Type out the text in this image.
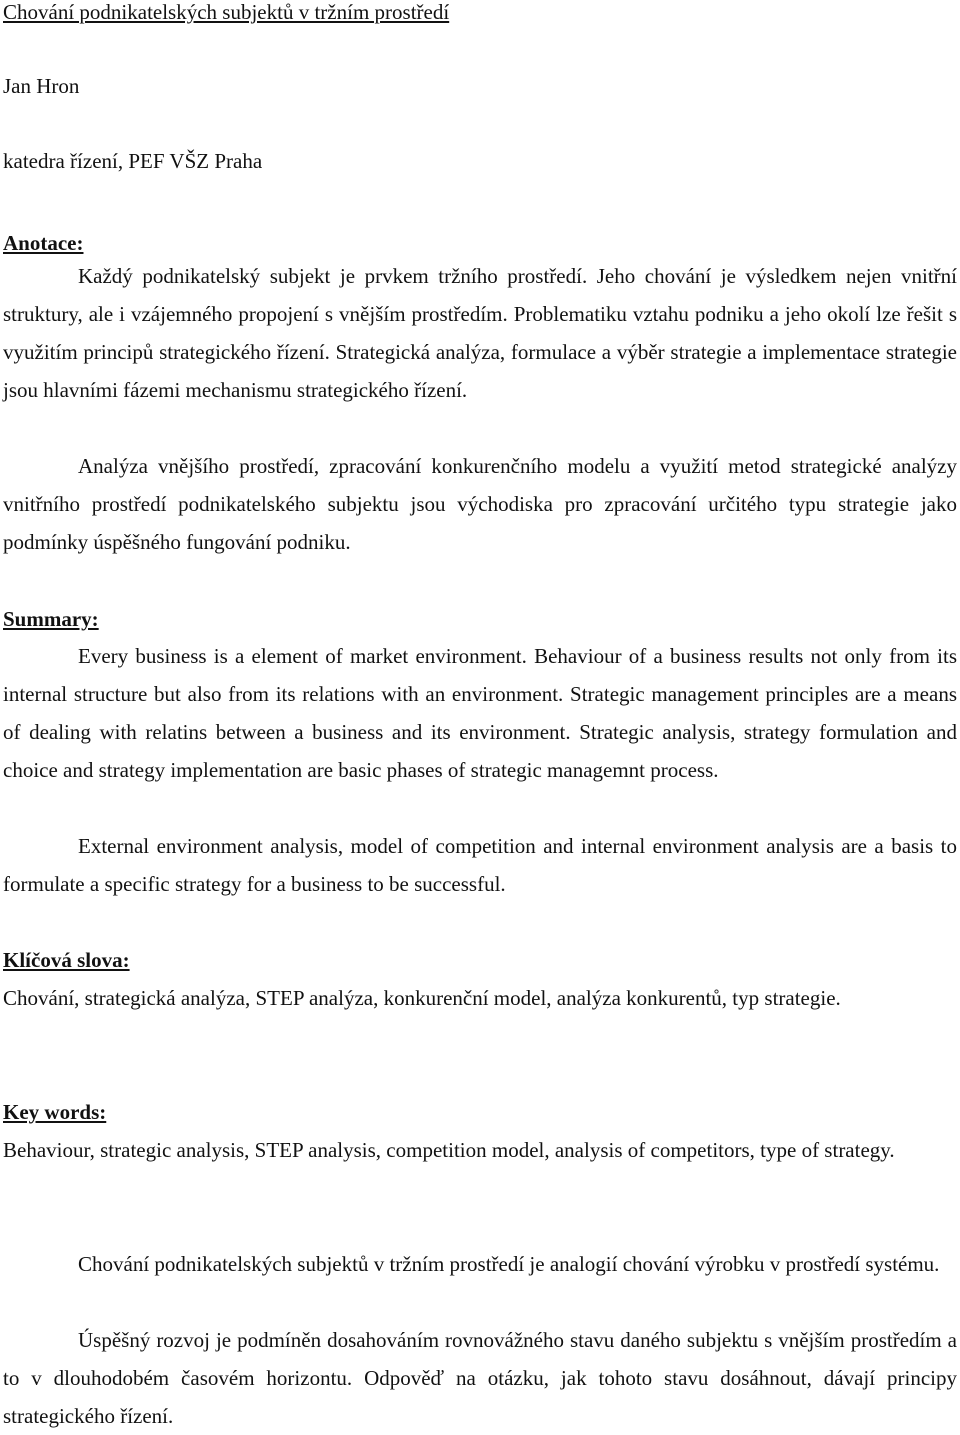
Chování podnikatelských subjektů v tržním prostředí
Jan Hron
katedra řízení, PEF VŠZ Praha
Anotace:

Každý podnikatelský subjekt je prvkem tržního prostředí. Jeho chování je výsledkem nejen vnitřní struktury, ale i vzájemného propojení s vnějším prostředím. Problematiku vztahu podniku a jeho okolí lze řešit s využitím principů strategického řízení. Strategická analýza, formulace a výběr strategie a implementace strategie jsou hlavními fázemi mechanismu strategického řízení.

Analýza vnějšího prostředí, zpracování konkurenčního modelu a využití metod strategické analýzy vnitřního prostředí podnikatelského subjektu jsou východiska pro zpracování určitého typu strategie jako podmínky úspěšného fungování podniku.

Summary:

Every business is a element of market environment. Behaviour of a business results not only from its internal structure but also from its relations with an environment. Strategic management principles are a means of dealing with relatins between a business and its environment. Strategic analysis, strategy formulation and choice and strategy implementation are basic phases of strategic managemnt process.

External environment analysis, model of competition and internal environment analysis are a basis to formulate a specific strategy for a business to be successful.

Klíčová slova:

Chování, strategická analýza, STEP analýza, konkurenční model, analýza konkurentů, typ strategie.

Key words:

Behaviour, strategic analysis, STEP analysis, competition model, analysis of competitors, type of strategy.

Chování podnikatelských subjektů v tržním prostředí je analogií chování výrobku v prostředí systému.

Úspěšný rozvoj je podmíněn dosahováním rovnovážného stavu daného subjektu s vnějším prostředím a to v dlouhodobém časovém horizontu. Odpověď na otázku, jak tohoto stavu dosáhnout, dávají principy strategického řízení.
